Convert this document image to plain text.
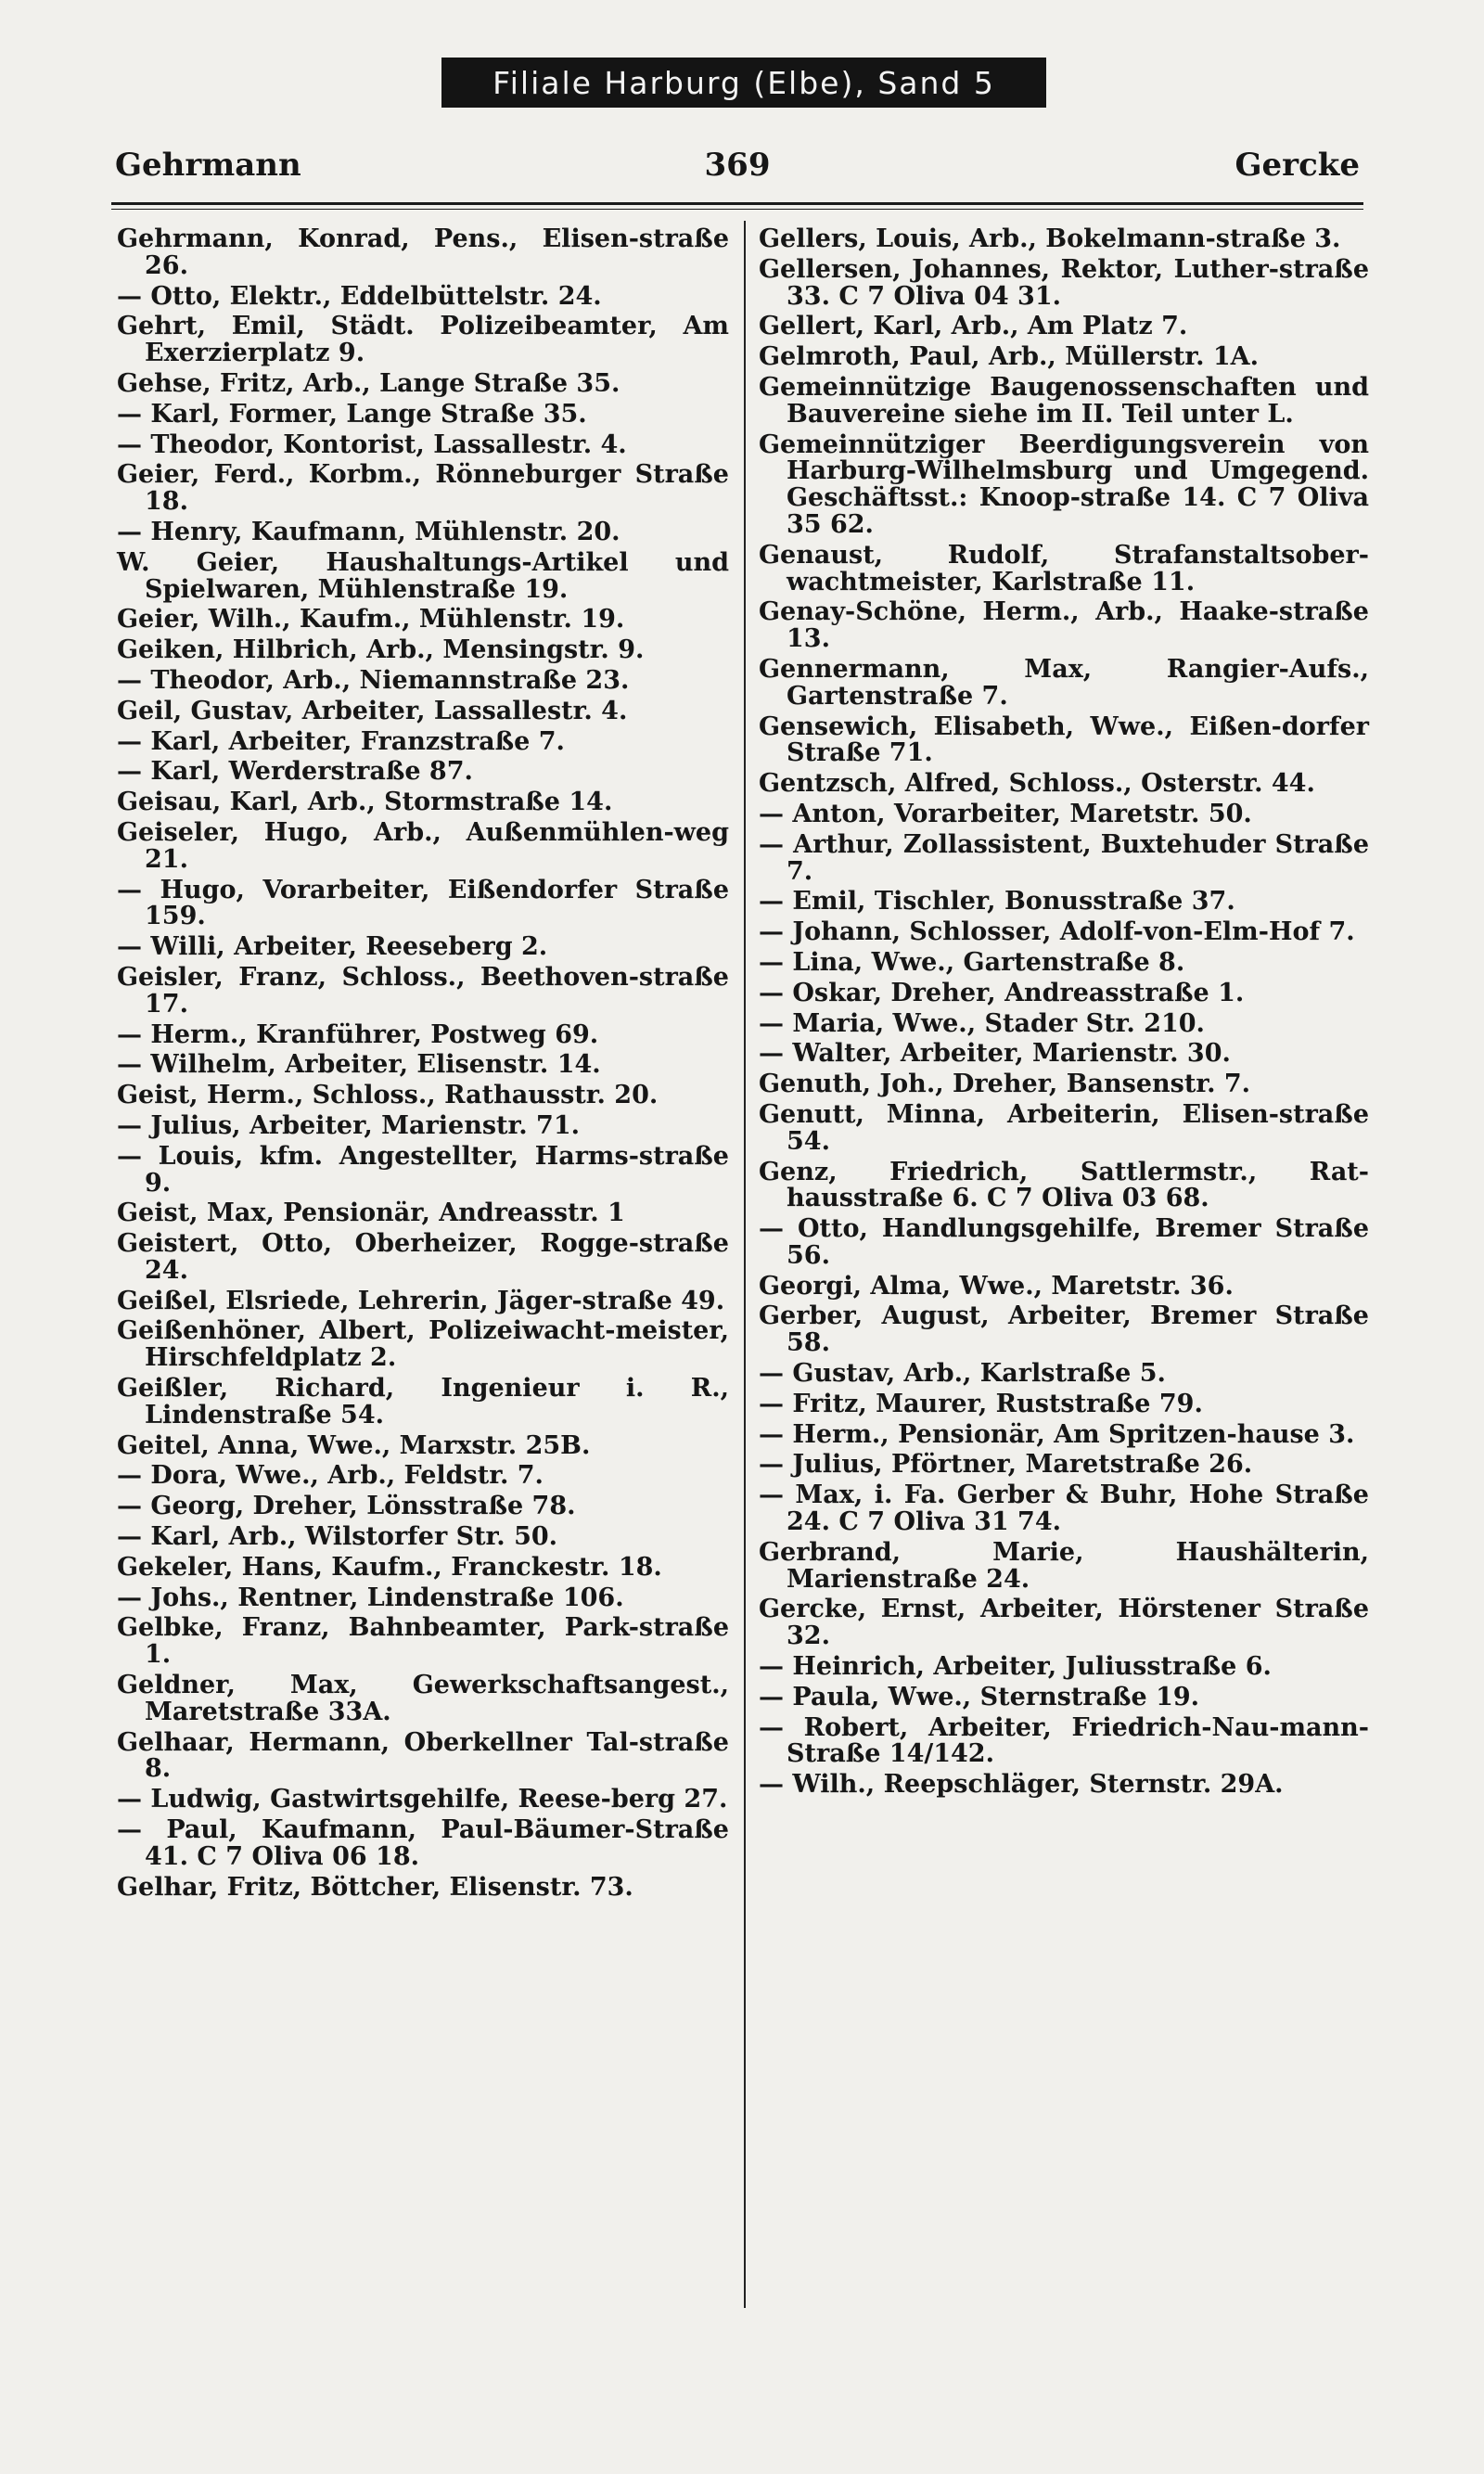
Filiale Harburg (Elbe), Sand 5
369
Gehrmann	Gercke
Gehrmann, Konrad, Pens., Elisen-straße 26.
— Otto, Elektr., Eddelbüttelstr. 24.
Gehrt, Emil, Städt. Polizeibeamter, Am Exerzierplatz 9.
Gehse, Fritz, Arb., Lange Straße 35.
— Karl, Former, Lange Straße 35.
— Theodor, Kontorist, Lassallestr. 4.
Geier, Ferd., Korbm., Rönneburger Straße 18.
— Henry, Kaufmann, Mühlenstr. 20.
W. Geier, Haushaltungs-Artikel und Spielwaren, Mühlenstraße 19.
Geier, Wilh., Kaufm., Mühlenstr. 19.
Geiken, Hilbrich, Arb., Mensingstr. 9.
— Theodor, Arb., Niemannstraße 23.
Geil, Gustav, Arbeiter, Lassallestr. 4.
— Karl, Arbeiter, Franzstraße 7.
— Karl, Werderstraße 87.
Geisau, Karl, Arb., Stormstraße 14.
Geiseler, Hugo, Arb., Außenmühlen-weg 21.
— Hugo, Vorarbeiter, Eißendorfer Straße 159.
— Willi, Arbeiter, Reeseberg 2.
Geisler, Franz, Schloss., Beethoven-straße 17.
— Herm., Kranführer, Postweg 69.
— Wilhelm, Arbeiter, Elisenstr. 14.
Geist, Herm., Schloss., Rathausstr. 20.
— Julius, Arbeiter, Marienstr. 71.
— Louis, kfm. Angestellter, Harms-straße 9.
Geist, Max, Pensionär, Andreasstr. 1
Geistert, Otto, Oberheizer, Rogge-straße 24.
Geißel, Elsriede, Lehrerin, Jäger-straße 49.
Geißenhöner, Albert, Polizeiwacht-meister, Hirschfeldplatz 2.
Geißler, Richard, Ingenieur i. R., Lindenstraße 54.
Geitel, Anna, Wwe., Marxstr. 25B.
— Dora, Wwe., Arb., Feldstr. 7.
— Georg, Dreher, Lönsstraße 78.
— Karl, Arb., Wilstorfer Str. 50.
Gekeler, Hans, Kaufm., Franckestr. 18.
— Johs., Rentner, Lindenstraße 106.
Gelbke, Franz, Bahnbeamter, Park-straße 1.
Geldner, Max, Gewerkschaftsangest., Maretstraße 33A.
Gelhaar, Hermann, Oberkellner Tal-straße 8.
— Ludwig, Gastwirtsgehilfe, Reese-berg 27.
— Paul, Kaufmann, Paul-Bäumer-Straße 41. C 7 Oliva 06 18.
Gelhar, Fritz, Böttcher, Elisenstr. 73.
Gellers, Louis, Arb., Bokelmann-straße 3.
Gellersen, Johannes, Rektor, Luther-straße 33. C 7 Oliva 04 31.
Gellert, Karl, Arb., Am Platz 7.
Gelmroth, Paul, Arb., Müllerstr. 1A.
Gemeinnützige Baugenossenschaften und Bauvereine siehe im II. Teil unter L.
Gemeinnütziger Beerdigungsverein von Harburg-Wilhelmsburg und Umgegend. Geschäftsst.: Knoop-straße 14. C 7 Oliva 35 62.
Genaust, Rudolf, Strafanstaltsober-wachtmeister, Karlstraße 11.
Genay-Schöne, Herm., Arb., Haake-straße 13.
Gennermann, Max, Rangier-Aufs., Gartenstraße 7.
Gensewich, Elisabeth, Wwe., Eißen-dorfer Straße 71.
Gentzsch, Alfred, Schloss., Osterstr. 44.
— Anton, Vorarbeiter, Maretstr. 50.
— Arthur, Zollassistent, Buxtehuder Straße 7.
— Emil, Tischler, Bonusstraße 37.
— Johann, Schlosser, Adolf-von-Elm-Hof 7.
— Lina, Wwe., Gartenstraße 8.
— Oskar, Dreher, Andreasstraße 1.
— Maria, Wwe., Stader Str. 210.
— Walter, Arbeiter, Marienstr. 30.
Genuth, Joh., Dreher, Bansenstr. 7.
Genutt, Minna, Arbeiterin, Elisen-straße 54.
Genz, Friedrich, Sattlermstr., Rat-hausstraße 6. C 7 Oliva 03 68.
— Otto, Handlungsgehilfe, Bremer Straße 56.
Georgi, Alma, Wwe., Maretstr. 36.
Gerber, August, Arbeiter, Bremer Straße 58.
— Gustav, Arb., Karlstraße 5.
— Fritz, Maurer, Ruststraße 79.
— Herm., Pensionär, Am Spritzen-hause 3.
— Julius, Pförtner, Maretstraße 26.
— Max, i. Fa. Gerber & Buhr, Hohe Straße 24. C 7 Oliva 31 74.
Gerbrand, Marie, Haushälterin, Marienstraße 24.
Gercke, Ernst, Arbeiter, Hörstener Straße 32.
— Heinrich, Arbeiter, Juliusstraße 6.
— Paula, Wwe., Sternstraße 19.
— Robert, Arbeiter, Friedrich-Nau-mann-Straße 14/142.
— Wilh., Reepschläger, Sternstr. 29A.
